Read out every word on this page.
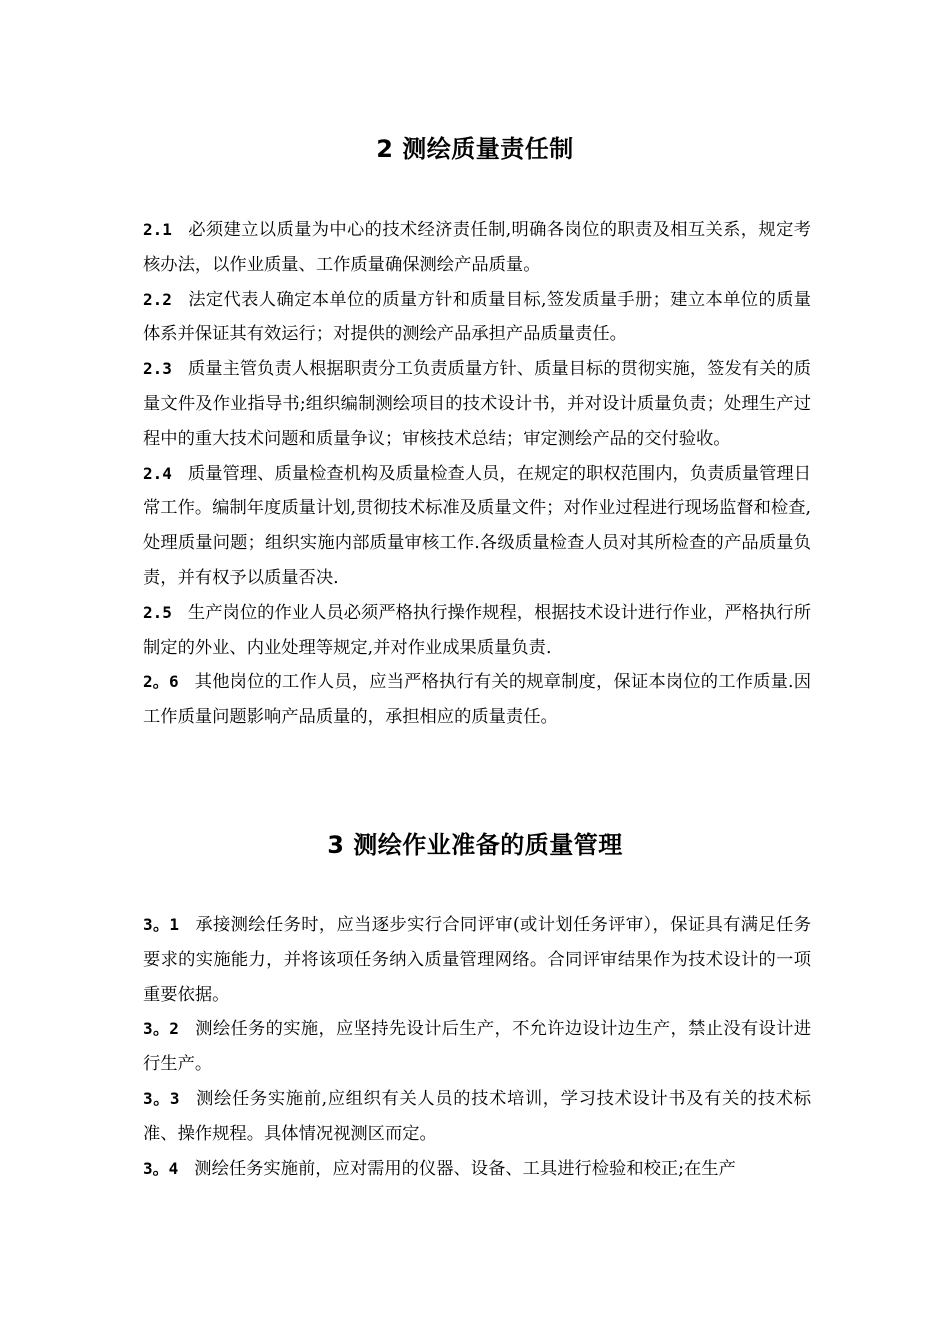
2 测绘质量责任制

2.1 必须建立以质量为中心的技术经济责任制,明确各岗位的职责及相互关系，规定考核办法，以作业质量、工作质量确保测绘产品质量。

2.2 法定代表人确定本单位的质量方针和质量目标,签发质量手册；建立本单位的质量体系并保证其有效运行；对提供的测绘产品承担产品质量责任。

2.3 质量主管负责人根据职责分工负责质量方针、质量目标的贯彻实施，签发有关的质量文件及作业指导书;组织编制测绘项目的技术设计书，并对设计质量负责；处理生产过程中的重大技术问题和质量争议；审核技术总结；审定测绘产品的交付验收。

2.4 质量管理、质量检查机构及质量检查人员，在规定的职权范围内，负责质量管理日常工作。编制年度质量计划,贯彻技术标准及质量文件；对作业过程进行现场监督和检查,处理质量问题；组织实施内部质量审核工作.各级质量检查人员对其所检查的产品质量负责，并有权予以质量否决.

2.5 生产岗位的作业人员必须严格执行操作规程，根据技术设计进行作业，严格执行所制定的外业、内业处理等规定,并对作业成果质量负责.

2。6 其他岗位的工作人员，应当严格执行有关的规章制度，保证本岗位的工作质量.因工作质量问题影响产品质量的，承担相应的质量责任。

3 测绘作业准备的质量管理

3。1 承接测绘任务时，应当逐步实行合同评审(或计划任务评审），保证具有满足任务要求的实施能力，并将该项任务纳入质量管理网络。合同评审结果作为技术设计的一项重要依据。

3。2 测绘任务的实施，应坚持先设计后生产，不允许边设计边生产，禁止没有设计进行生产。

3。3 测绘任务实施前,应组织有关人员的技术培训，学习技术设计书及有关的技术标准、操作规程。具体情况视测区而定。

3。4 测绘任务实施前，应对需用的仪器、设备、工具进行检验和校正;在生产
